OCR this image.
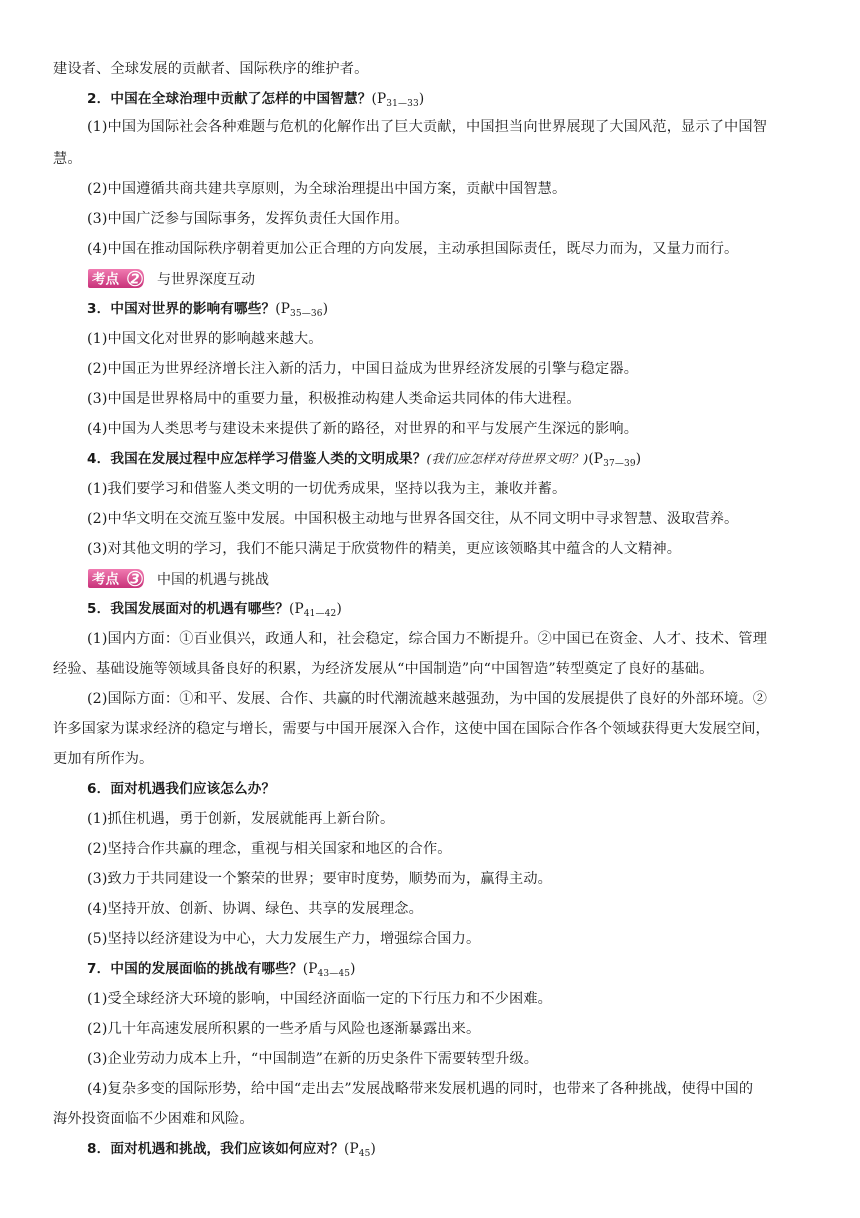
建设者、全球发展的贡献者、国际秩序的维护者。
2．中国在全球治理中贡献了怎样的中国智慧？$(P_{31—33})$
(1)中国为国际社会各种难题与危机的化解作出了巨大贡献，中国担当向世界展现了大国风范，显示了中国智
慧。
(2)中国遵循共商共建共享原则，为全球治理提出中国方案，贡献中国智慧。
(3)中国广泛参与国际事务，发挥负责任大国作用。
(4)中国在推动国际秩序朝着更加公正合理的方向发展，主动承担国际责任，既尽力而为，又量力而行。
3．中国对世界的影响有哪些？$(P_{35—36})$
(1)中国文化对世界的影响越来越大。
(2)中国正为世界经济增长注入新的活力，中国日益成为世界经济发展的引擎与稳定器。
(3)中国是世界格局中的重要力量，积极推动构建人类命运共同体的伟大进程。
(4)中国为人类思考与建设未来提供了新的路径，对世界的和平与发展产生深远的影响。
4．我国在发展过程中应怎样学习借鉴人类的文明成果？(我们应怎样对待世界文明？)$(P_{37—39})$
(1)我们要学习和借鉴人类文明的一切优秀成果，坚持以我为主，兼收并蓄。
(2)中华文明在交流互鉴中发展。中国积极主动地与世界各国交往，从不同文明中寻求智慧、汲取营养。
(3)对其他文明的学习，我们不能只满足于欣赏物件的精美，更应该领略其中蕴含的人文精神。
5．我国发展面对的机遇有哪些？$(P_{41—42})$
(1)国内方面：①百业俱兴，政通人和，社会稳定，综合国力不断提升。②中国已在资金、人才、技术、管理
经验、基础设施等领域具备良好的积累，为经济发展从“中国制造”向“中国智造”转型奠定了良好的基础。
(2)国际方面：①和平、发展、合作、共赢的时代潮流越来越强劲，为中国的发展提供了良好的外部环境。②
许多国家为谋求经济的稳定与增长，需要与中国开展深入合作，这使中国在国际合作各个领域获得更大发展空间，
更加有所作为。
6．面对机遇我们应该怎么办？
(1)抓住机遇，勇于创新，发展就能再上新台阶。
(2)坚持合作共赢的理念，重视与相关国家和地区的合作。
(3)致力于共同建设一个繁荣的世界；要审时度势，顺势而为，赢得主动。
(4)坚持开放、创新、协调、绿色、共享的发展理念。
(5)坚持以经济建设为中心，大力发展生产力，增强综合国力。
7．中国的发展面临的挑战有哪些？$(P_{43—45})$
(1)受全球经济大环境的影响，中国经济面临一定的下行压力和不少困难。
(2)几十年高速发展所积累的一些矛盾与风险也逐渐暴露出来。
(3)企业劳动力成本上升，“中国制造”在新的历史条件下需要转型升级。
(4)复杂多变的国际形势，给中国“走出去”发展战略带来发展机遇的同时，也带来了各种挑战，使得中国的
海外投资面临不少困难和风险。
8．面对机遇和挑战，我们应该如何应对？$(P_{45})$
考点 2 与世界深度互动
考点 3 中国的机遇与挑战
